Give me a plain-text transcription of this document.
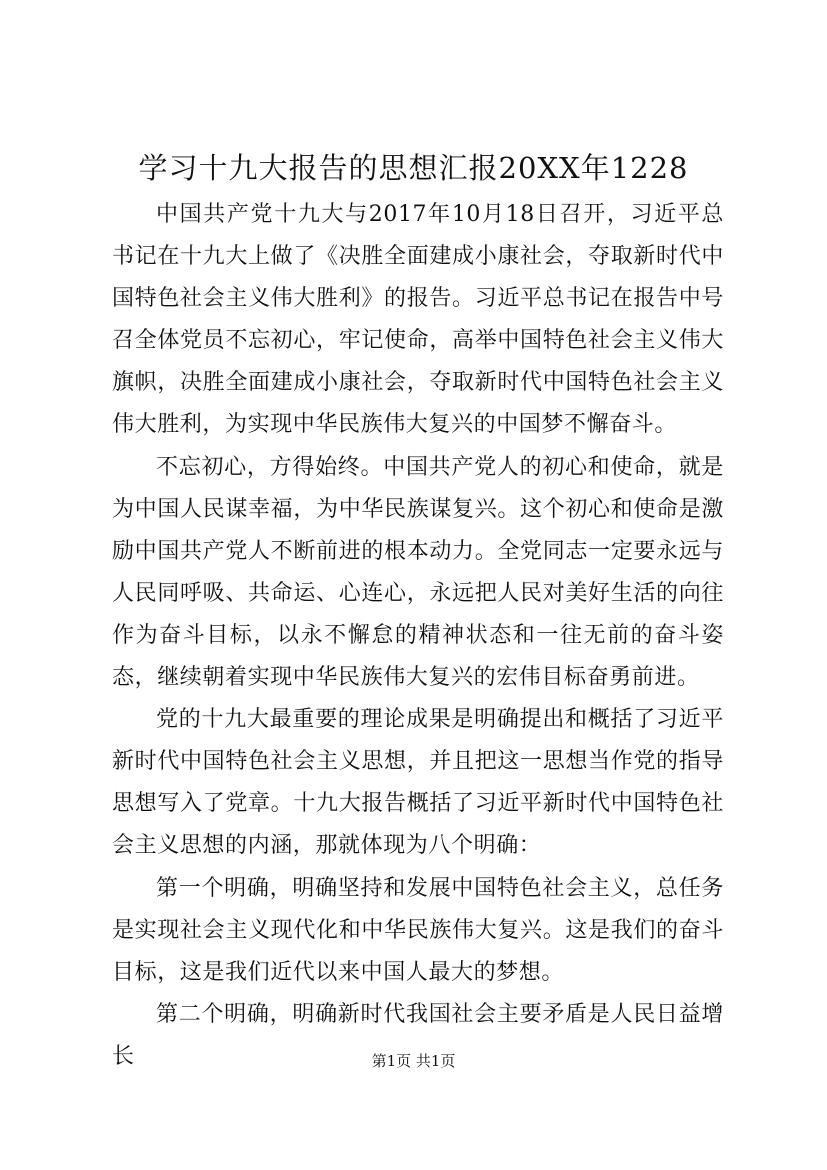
学习十九大报告的思想汇报20XX年1228

中国共产党十九大与2017年10月18日召开，习近平总书记在十九大上做了《决胜全面建成小康社会，夺取新时代中国特色社会主义伟大胜利》的报告。习近平总书记在报告中号召全体党员不忘初心，牢记使命，高举中国特色社会主义伟大旗帜，决胜全面建成小康社会，夺取新时代中国特色社会主义伟大胜利，为实现中华民族伟大复兴的中国梦不懈奋斗。

不忘初心，方得始终。中国共产党人的初心和使命，就是为中国人民谋幸福，为中华民族谋复兴。这个初心和使命是激励中国共产党人不断前进的根本动力。全党同志一定要永远与人民同呼吸、共命运、心连心，永远把人民对美好生活的向往作为奋斗目标，以永不懈怠的精神状态和一往无前的奋斗姿态，继续朝着实现中华民族伟大复兴的宏伟目标奋勇前进。

党的十九大最重要的理论成果是明确提出和概括了习近平新时代中国特色社会主义思想，并且把这一思想当作党的指导思想写入了党章。十九大报告概括了习近平新时代中国特色社会主义思想的内涵，那就体现为八个明确：

第一个明确，明确坚持和发展中国特色社会主义，总任务是实现社会主义现代化和中华民族伟大复兴。这是我们的奋斗目标，这是我们近代以来中国人最大的梦想。

第二个明确，明确新时代我国社会主要矛盾是人民日益增长	第1页 共1页
